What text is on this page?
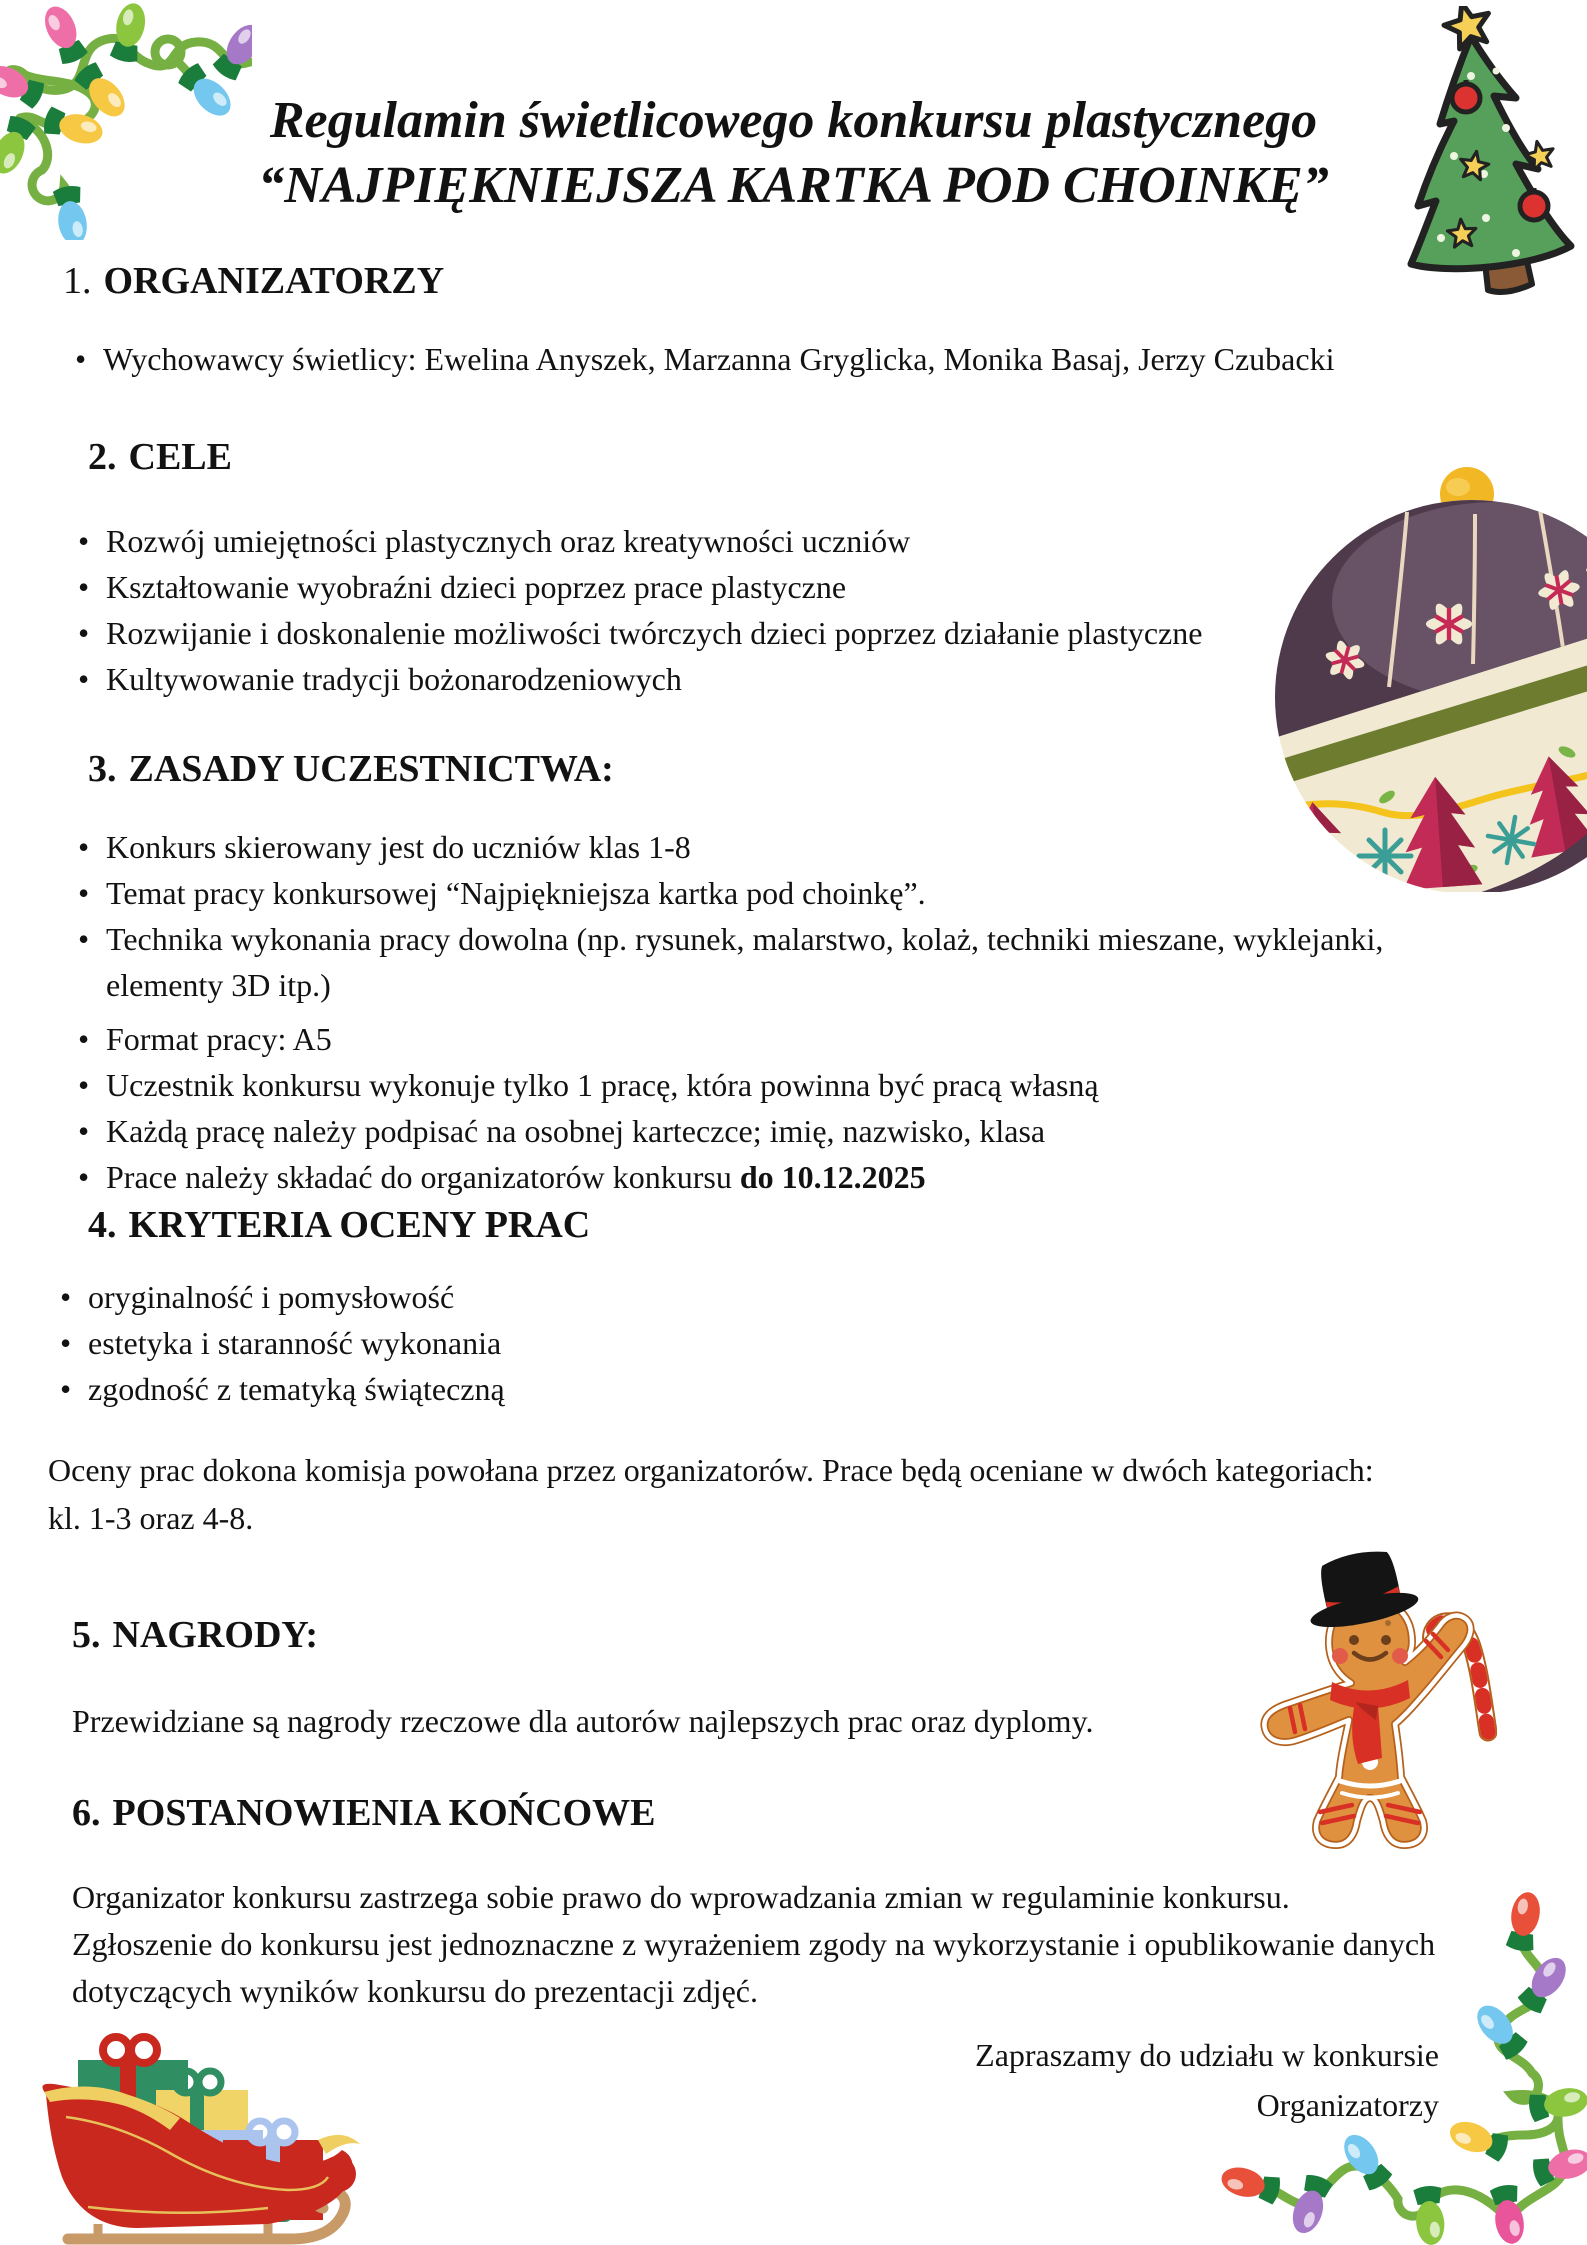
Regulamin świetlicowego konkursu plastycznego
“NAJPIĘKNIEJSZA KARTKA POD CHOINKĘ”
1. ORGANIZATORZY
• Wychowawcy świetlicy: Ewelina Anyszek, Marzanna Gryglicka, Monika Basaj, Jerzy Czubacki
2. CELE
• Rozwój umiejętności plastycznych oraz kreatywności uczniów
• Kształtowanie wyobraźni dzieci poprzez prace plastyczne
• Rozwijanie i doskonalenie możliwości twórczych dzieci poprzez działanie plastyczne
• Kultywowanie tradycji bożonarodzeniowych
3. ZASADY UCZESTNICTWA:
• Konkurs skierowany jest do uczniów klas 1-8
• Temat pracy konkursowej “Najpiękniejsza kartka pod choinkę”.
• Technika wykonania pracy dowolna (np. rysunek, malarstwo, kolaż, techniki mieszane, wyklejanki,
elementy 3D itp.)
• Format pracy: A5
• Uczestnik konkursu wykonuje tylko 1 pracę, która powinna być pracą własną
• Każdą pracę należy podpisać na osobnej karteczce; imię, nazwisko, klasa
• Prace należy składać do organizatorów konkursu do 10.12.2025
4. KRYTERIA OCENY PRAC
• oryginalność i pomysłowość
• estetyka i staranność wykonania
• zgodność z tematyką świąteczną
Oceny prac dokona komisja powołana przez organizatorów. Prace będą oceniane w dwóch kategoriach:
kl. 1-3 oraz 4-8.
5. NAGRODY:
Przewidziane są nagrody rzeczowe dla autorów najlepszych prac oraz dyplomy.
6. POSTANOWIENIA KOŃCOWE
Organizator konkursu zastrzega sobie prawo do wprowadzania zmian w regulaminie konkursu.
Zgłoszenie do konkursu jest jednoznaczne z wyrażeniem zgody na wykorzystanie i opublikowanie danych
dotyczących wyników konkursu do prezentacji zdjęć.
Zapraszamy do udziału w konkursie
Organizatorzy
